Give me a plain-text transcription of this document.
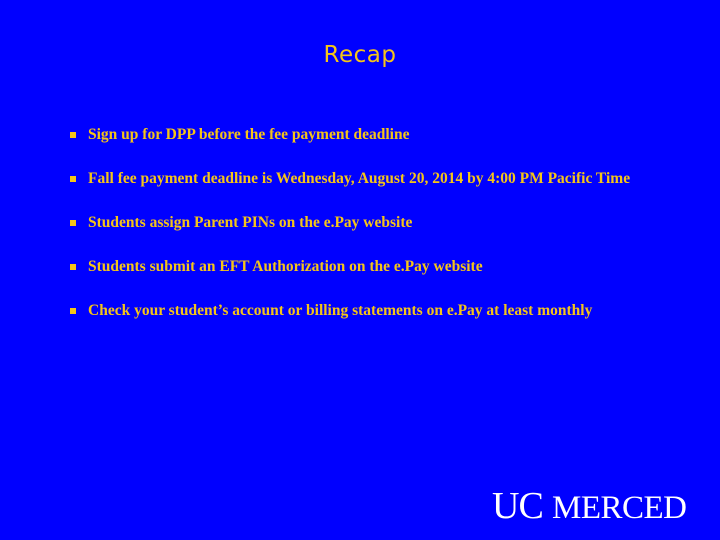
Recap
Sign up for DPP before the fee payment deadline
Fall fee payment deadline is Wednesday, August 20, 2014 by 4:00 PM Pacific Time
Students assign Parent PINs on the e.Pay website
Students submit an EFT Authorization on the e.Pay website
Check your student’s account or billing statements on e.Pay at least monthly
UC MERCED
